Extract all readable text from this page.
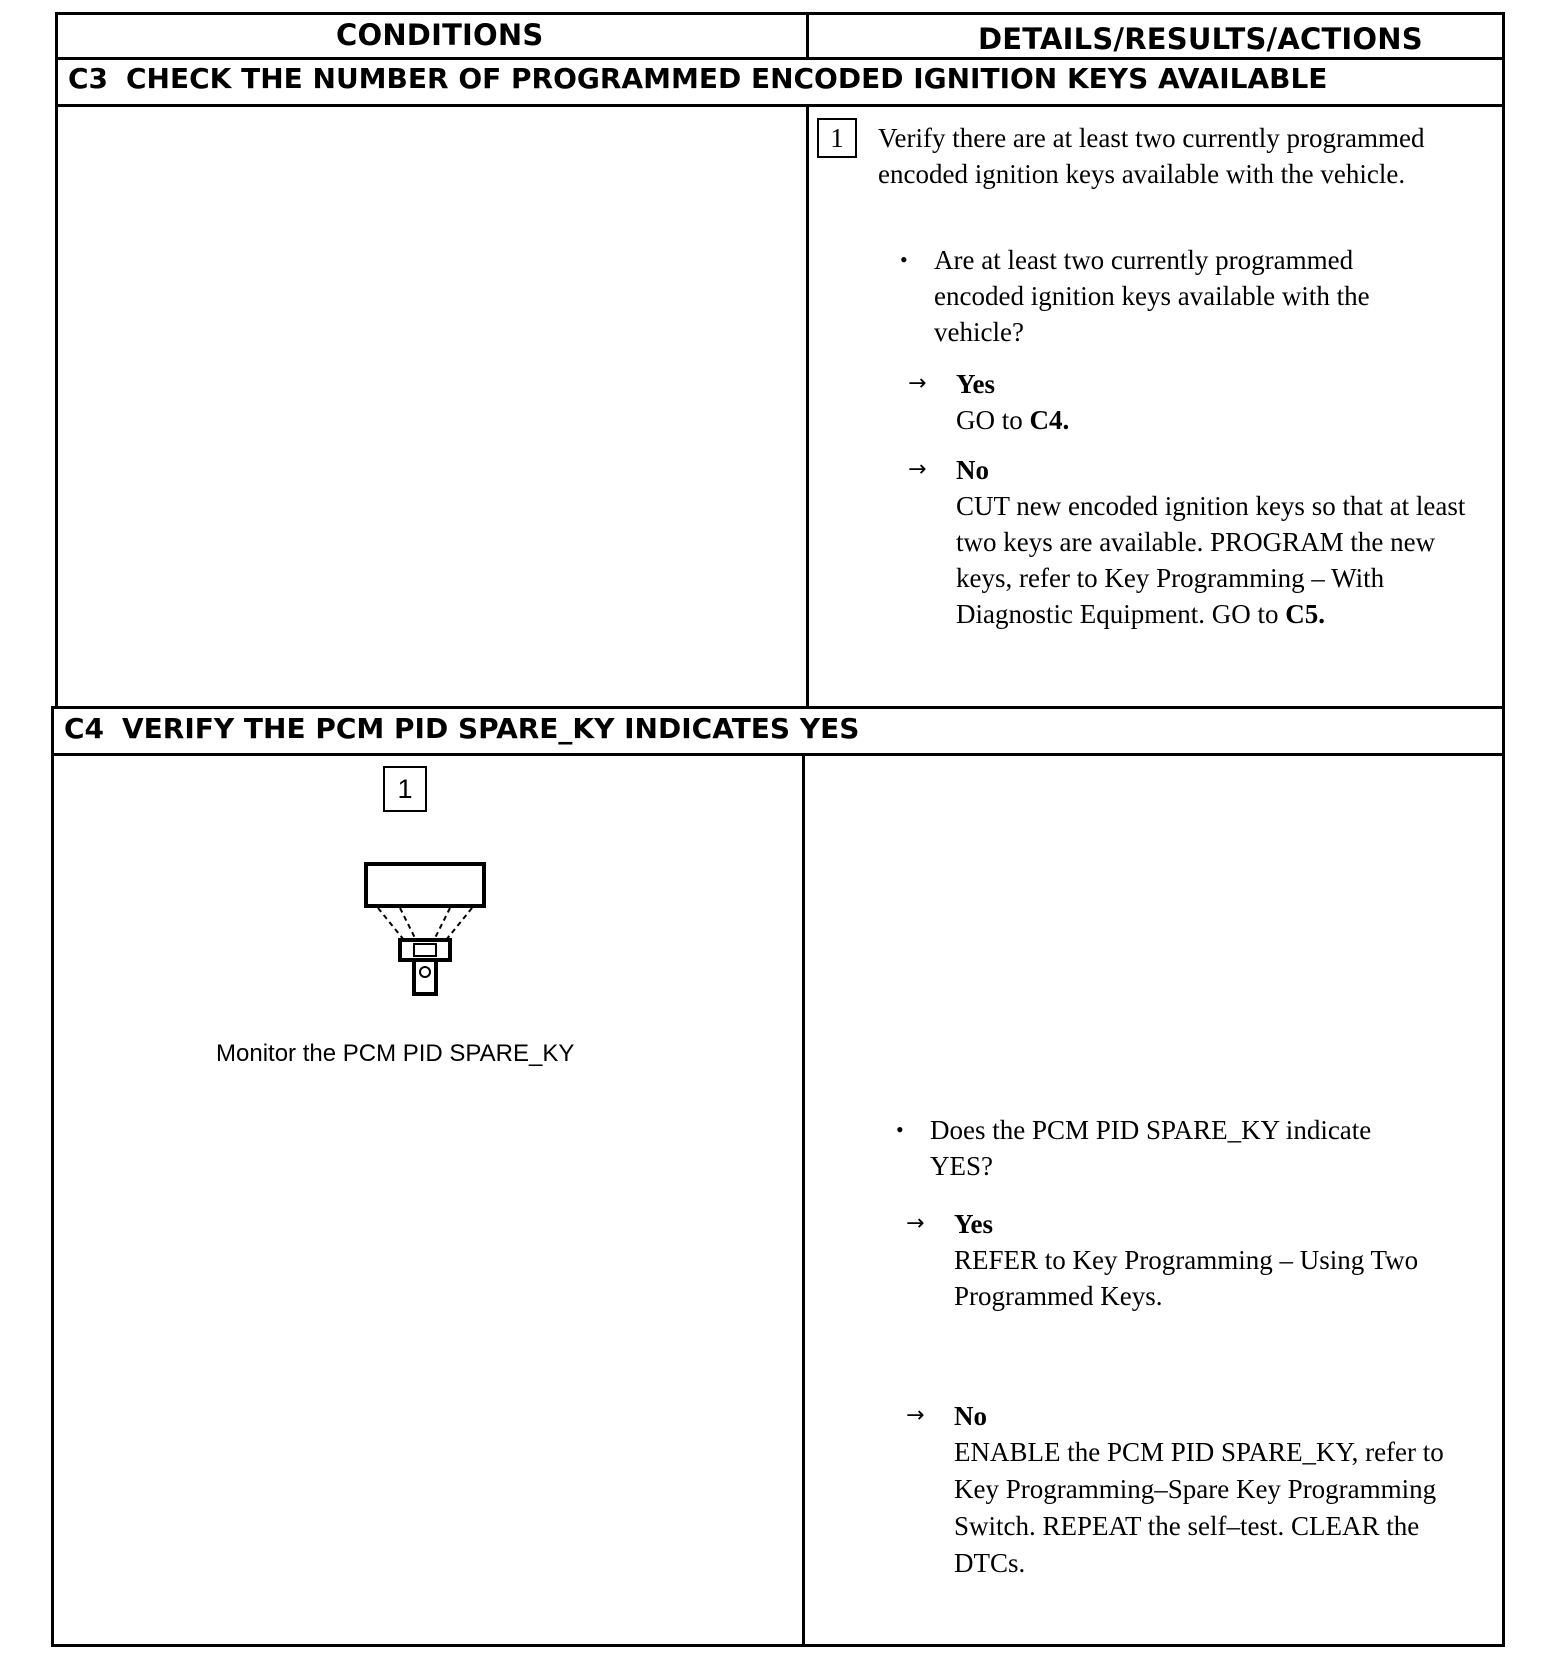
CONDITIONS	DETAILS/RESULTS/ACTIONS
C3 CHECK THE NUMBER OF PROGRAMMED ENCODED IGNITION KEYS AVAILABLE
1	Verify there are at least two currently programmed encoded ignition keys available with the vehicle.
• Are at least two currently programmed encoded ignition keys available with the vehicle?
→ Yes
GO to C4.
→ No
CUT new encoded ignition keys so that at least two keys are available. PROGRAM the new keys, refer to Key Programming – With Diagnostic Equipment. GO to C5.
C4 VERIFY THE PCM PID SPARE_KY INDICATES YES
1
Monitor the PCM PID SPARE_KY
• Does the PCM PID SPARE_KY indicate YES?
→ Yes
REFER to Key Programming – Using Two Programmed Keys.
→ No
ENABLE the PCM PID SPARE_KY, refer to Key Programming–Spare Key Programming Switch. REPEAT the self–test. CLEAR the DTCs.
